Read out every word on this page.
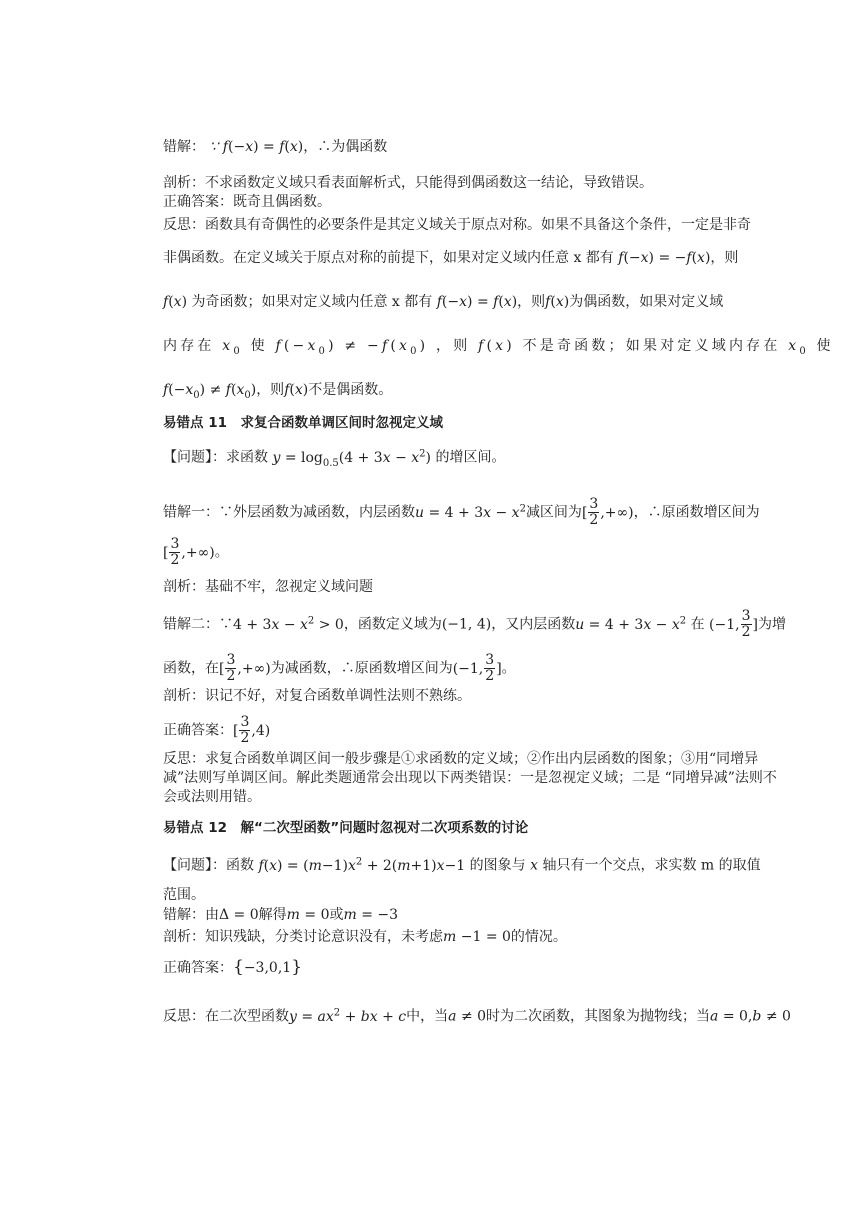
错解： ∵ f(−x) = f(x)，∴为偶函数
剖析：不求函数定义域只看表面解析式，只能得到偶函数这一结论，导致错误。
正确答案：既奇且偶函数。
反思：函数具有奇偶性的必要条件是其定义域关于原点对称。如果不具备这个条件，一定是非奇
非偶函数。在定义域关于原点对称的前提下，如果对定义域内任意 x 都有 f(−x) = −f(x)，则
f(x) 为奇函数；如果对定义域内任意 x 都有 f(−x) = f(x)，则f(x)为偶函数，如果对定义域
内存在 $x_0$ 使 $f(-x_0) \ne -f(x_0)$ ，则 f(x) 不是奇函数；如果对定义域内存在 $x_0$ 使
$f(-x_0) \ne f(x_0)$，则f(x)不是偶函数。
易错点 11　求复合函数单调区间时忽视定义域
【问题】：求函数 $y = \log_{0.5}(4 + 3x - x^2)$ 的增区间。
错解一：∵外层函数为减函数，内层函数$u = 4 + 3x - x^2$减区间为[ $\frac{3}{2}$ ,+∞)，∴原函数增区间为
[ $\frac{3}{2}$ ,+∞)。
剖析：基础不牢，忽视定义域问题
错解二：∵4 + $3x - x^2 > 0$，函数定义域为(−1, 4)，又内层函数$u = 4 + 3x - x^2$ 在 (−1, $\frac{3}{2}$ ]为增
函数，在[ $\frac{3}{2}$ ,+∞)为减函数，∴原函数增区间为(−1, $\frac{3}{2}$ ]。
剖析：识记不好，对复合函数单调性法则不熟练。
正确答案：[ $\frac{3}{2} ,4$)
反思：求复合函数单调区间一般步骤是①求函数的定义域；②作出内层函数的图象；③用“同增异减”法则写单调区间。解此类题通常会出现以下两类错误：一是忽视定义域；二是 “同增异减”法则不会或法则用错。
易错点 12　解“二次型函数”问题时忽视对二次项系数的讨论
【问题】：函数 $f(x) = (m-1)x^2 + 2(m+1)x-1$ 的图象与 x 轴只有一个交点，求实数 m 的取值
范围。
错解：由Δ = 0解得m = 0或m = −3
剖析：知识残缺，分类讨论意识没有，未考虑m −1 = 0的情况。
正确答案：{−3,0,1}
反思：在二次型函数$y = ax^2$ + bx + c中，当a ≠ 0时为二次函数，其图象为抛物线；当a = 0,b ≠ 0
